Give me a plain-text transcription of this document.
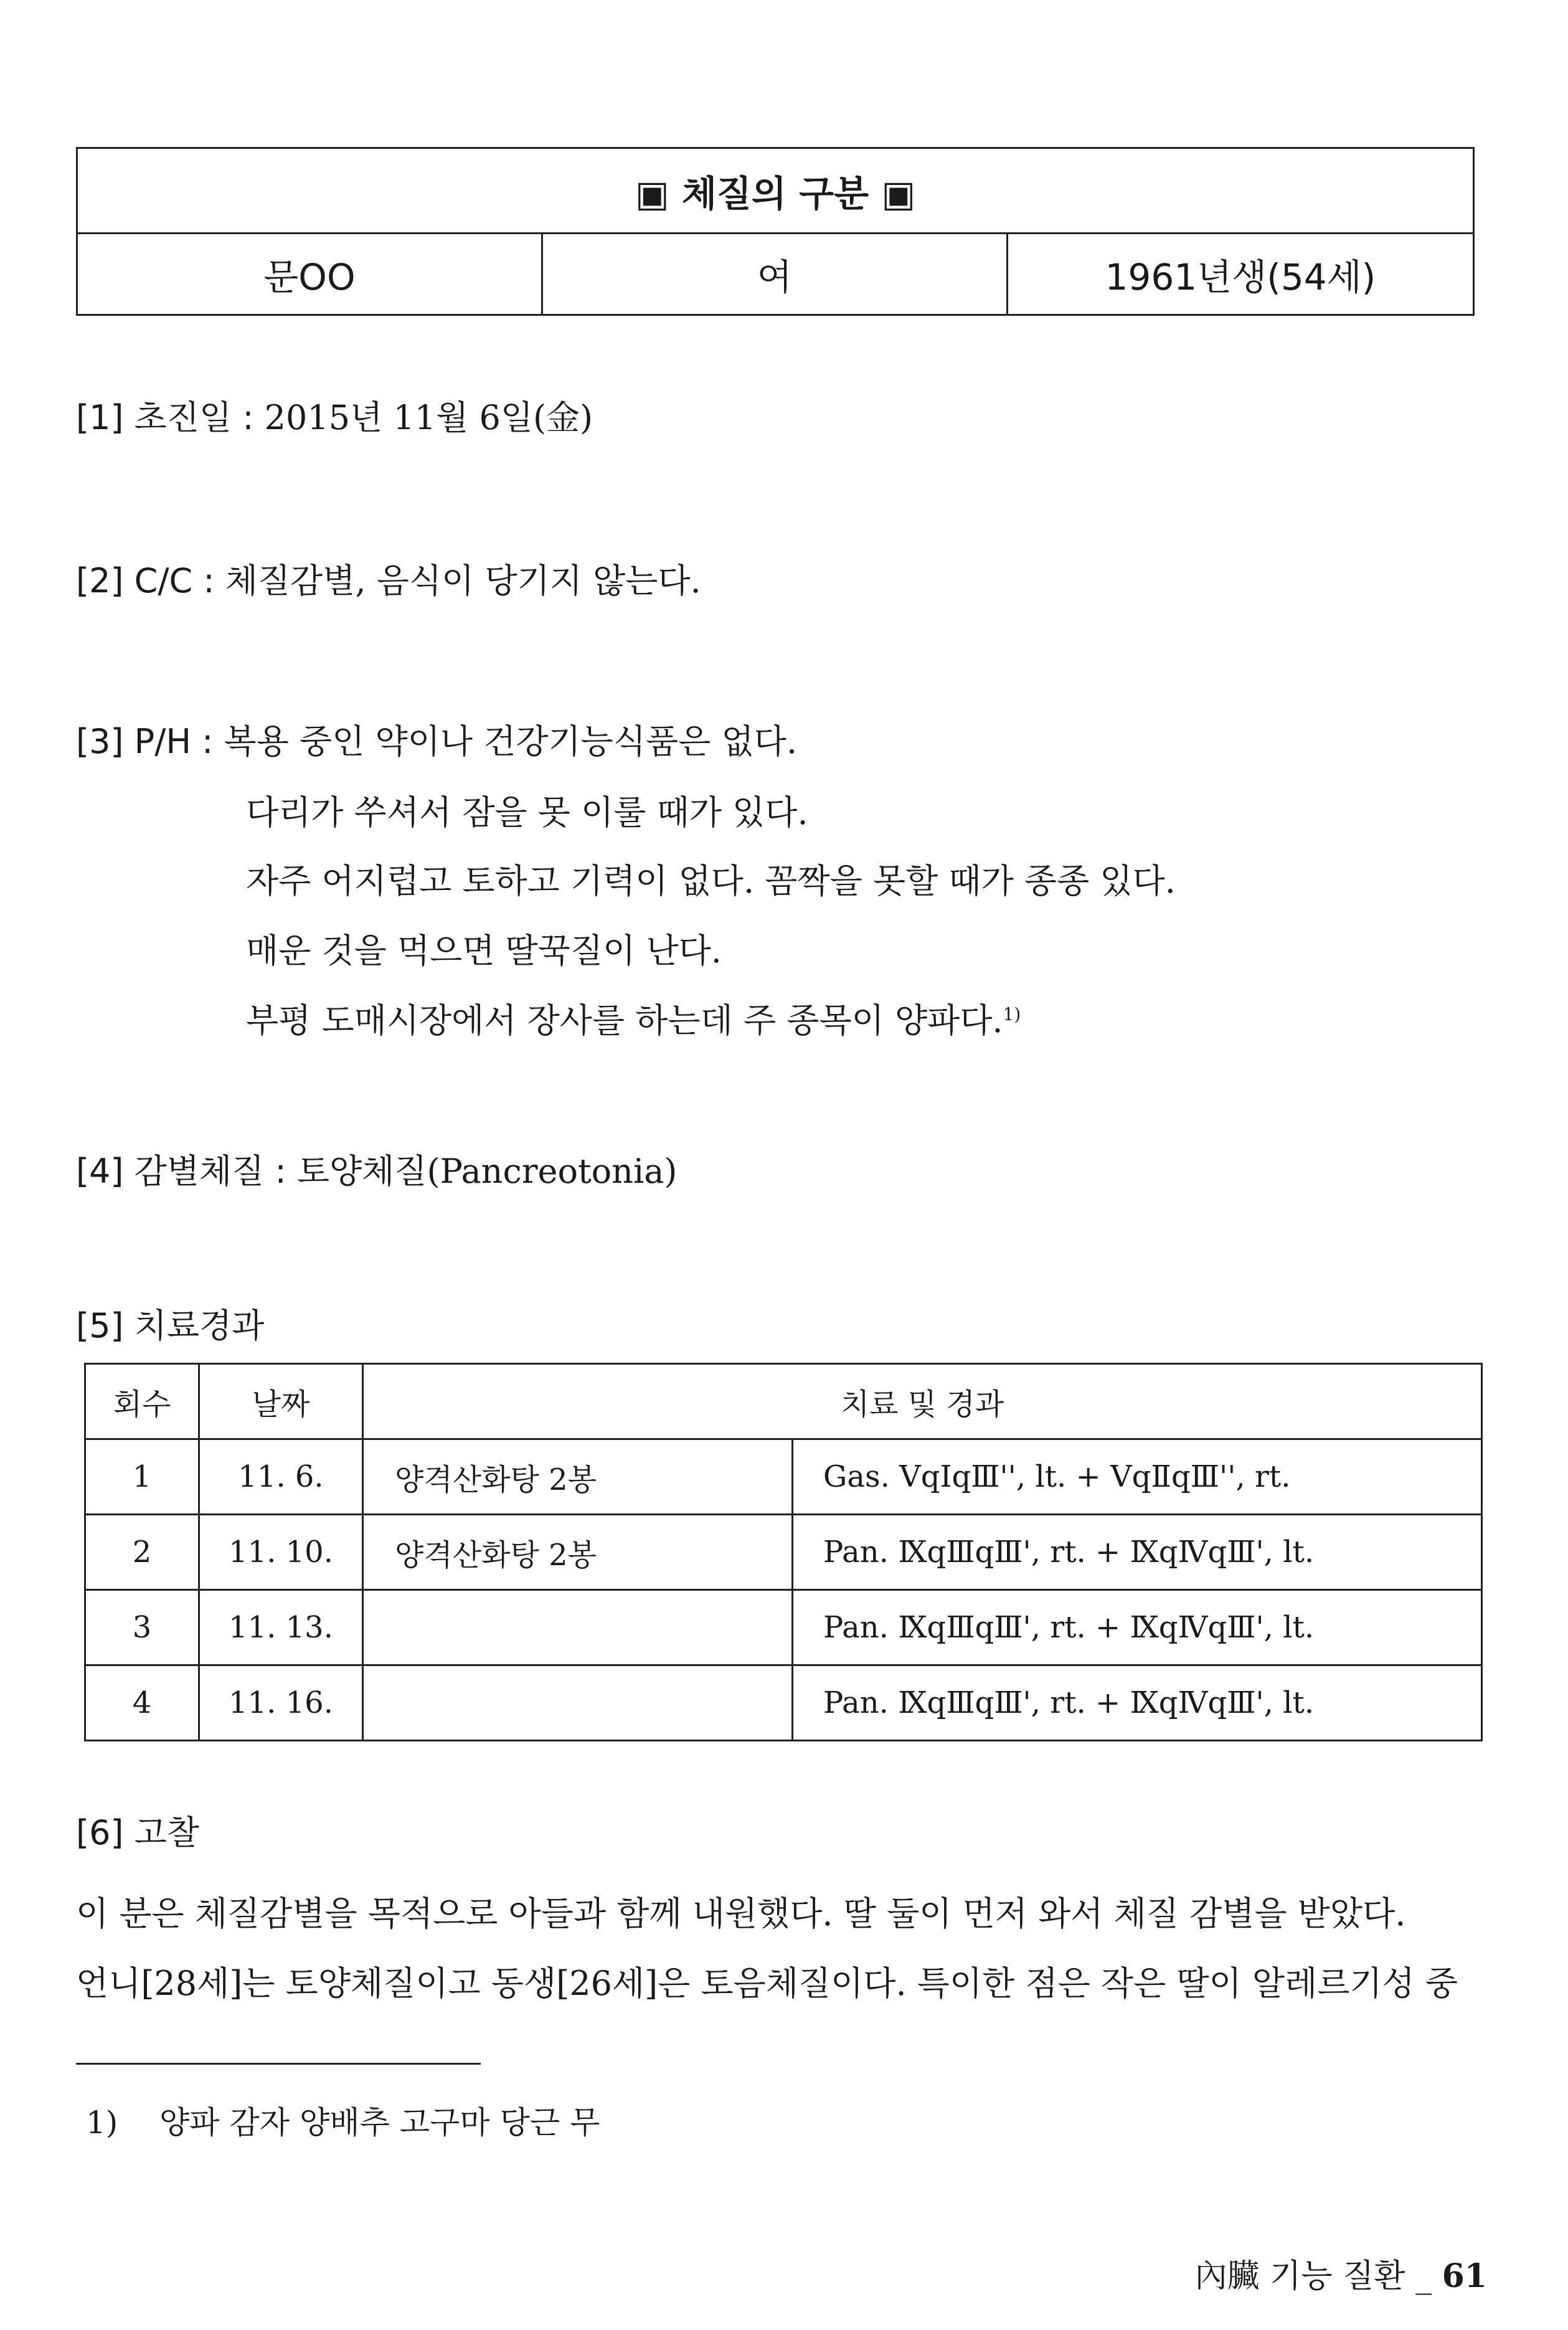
▣ 체질의 구분 ▣
문OO	여	1961년생(54세)
[1] 초진일 : 2015년 11월 6일(金)
[2] C/C : 체질감별, 음식이 당기지 않는다.
[3] P/H : 복용 중인 약이나 건강기능식품은 없다.
다리가 쑤셔서 잠을 못 이룰 때가 있다.
자주 어지럽고 토하고 기력이 없다. 꼼짝을 못할 때가 종종 있다.
매운 것을 먹으면 딸꾹질이 난다.
부평 도매시장에서 장사를 하는데 주 종목이 양파다.$^{1)}$
[4] 감별체질 : 토양체질(Pancreotonia)
[5] 치료경과
회수	날짜	치료 및 경과	
1	11. 6.	양격산화탕 2봉	Gas. VqIqⅢ'', lt. + VqⅡqⅢ'', rt.
2	11. 10.	양격산화탕 2봉	Pan. ⅨqⅢqⅢ', rt. + ⅨqⅣqⅢ', lt.
3	11. 13.		Pan. ⅨqⅢqⅢ', rt. + ⅨqⅣqⅢ', lt.
4	11. 16.		Pan. ⅨqⅢqⅢ', rt. + ⅨqⅣqⅢ', lt.
[6] 고찰
이 분은 체질감별을 목적으로 아들과 함께 내원했다. 딸 둘이 먼저 와서 체질 감별을 받았다.
언니[28세]는 토양체질이고 동생[26세]은 토음체질이다. 특이한 점은 작은 딸이 알레르기성 중
1) 양파 감자 양배추 고구마 당근 무
內臟 기능 질환 _ 61
